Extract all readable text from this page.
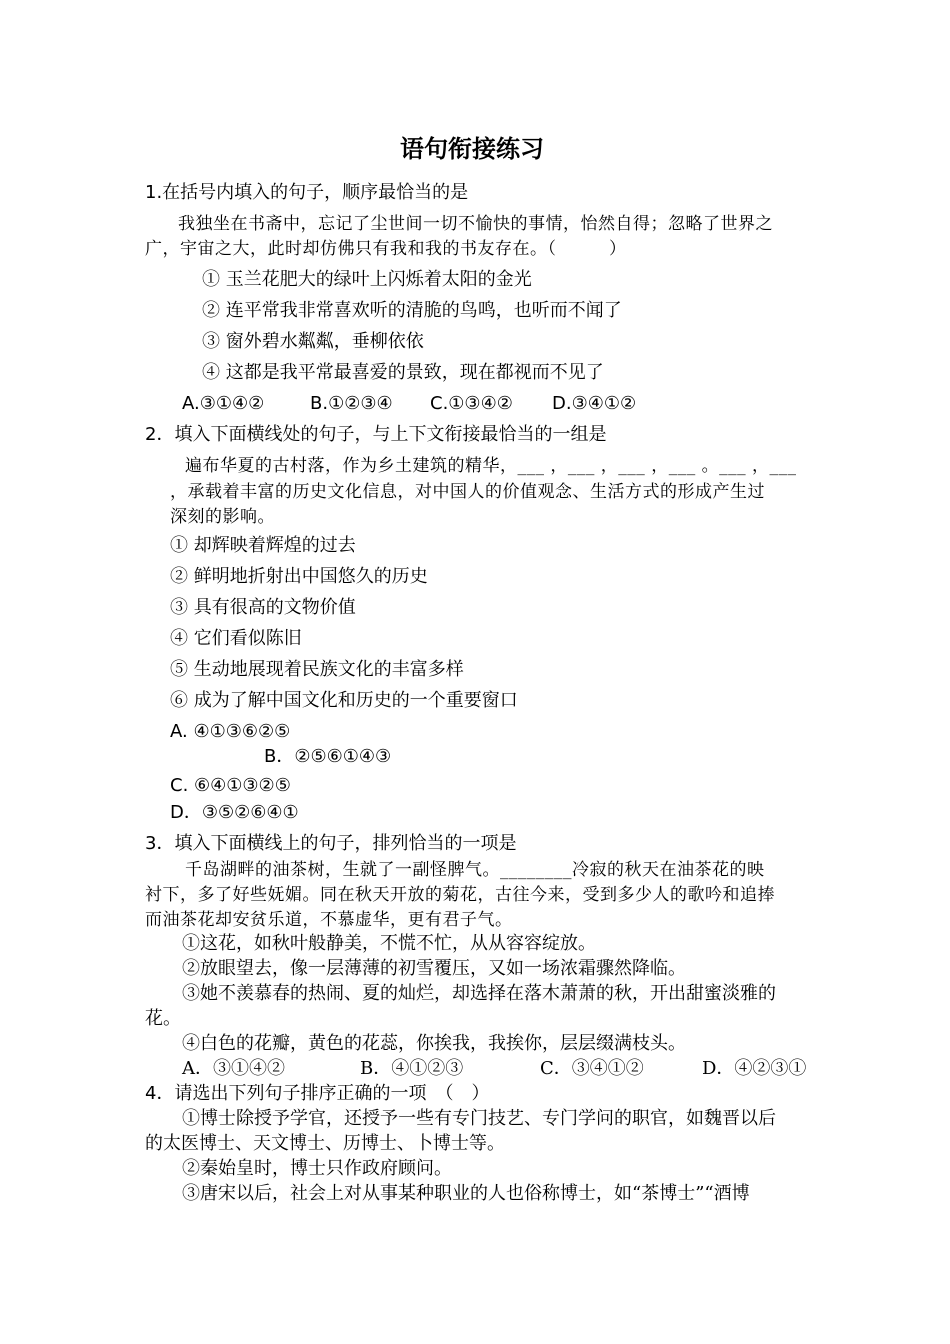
语句衔接练习
1.在括号内填入的句子，顺序最恰当的是
我独坐在书斋中，忘记了尘世间一切不愉快的事情，怡然自得；忽略了世界之
广，宇宙之大，此时却仿佛只有我和我的书友存在。（　　　）
① 玉兰花肥大的绿叶上闪烁着太阳的金光
② 连平常我非常喜欢听的清脆的鸟鸣，也听而不闻了
③ 窗外碧水粼粼，垂柳依依
④ 这都是我平常最喜爱的景致，现在都视而不见了
A.③①④②	B.①②③④ C.①③④② D.③④①②
2．填入下面横线处的句子，与上下文衔接最恰当的一组是
遍布华夏的古村落，作为乡土建筑的精华，___ ，___ ，___ ，___ 。___ ，___
，承载着丰富的历史文化信息，对中国人的价值观念、生活方式的形成产生过
深刻的影响。
① 却辉映着辉煌的过去
② 鲜明地折射出中国悠久的历史
③ 具有很高的文物价值
④ 它们看似陈旧
⑤ 生动地展现着民族文化的丰富多样
⑥ 成为了解中国文化和历史的一个重要窗口
A. ④①③⑥②⑤
B．②⑤⑥①④③
C. ⑥④①③②⑤
D．③⑤②⑥④①
3．填入下面横线上的句子，排列恰当的一项是
千岛湖畔的油茶树，生就了一副怪脾气。________冷寂的秋天在油茶花的映
衬下，多了好些妩媚。同在秋天开放的菊花，古往今来，受到多少人的歌吟和追捧
而油茶花却安贫乐道，不慕虚华，更有君子气。
①这花，如秋叶般静美，不慌不忙，从从容容绽放。
②放眼望去，像一层薄薄的初雪覆压，又如一场浓霜骤然降临。
③她不羡慕春的热闹、夏的灿烂，却选择在落木萧萧的秋，开出甜蜜淡雅的
花。
④白色的花瓣，黄色的花蕊，你挨我，我挨你，层层缀满枝头。
A．③①④②	B．④①②③	C．③④①②	D．④②③①
4．请选出下列句子排序正确的一项　（　）
①博士除授予学官，还授予一些有专门技艺、专门学问的职官，如魏晋以后
的太医博士、天文博士、历博士、卜博士等。
②秦始皇时，博士只作政府顾问。
③唐宋以后，社会上对从事某种职业的人也俗称博士，如“茶博士”“酒博
